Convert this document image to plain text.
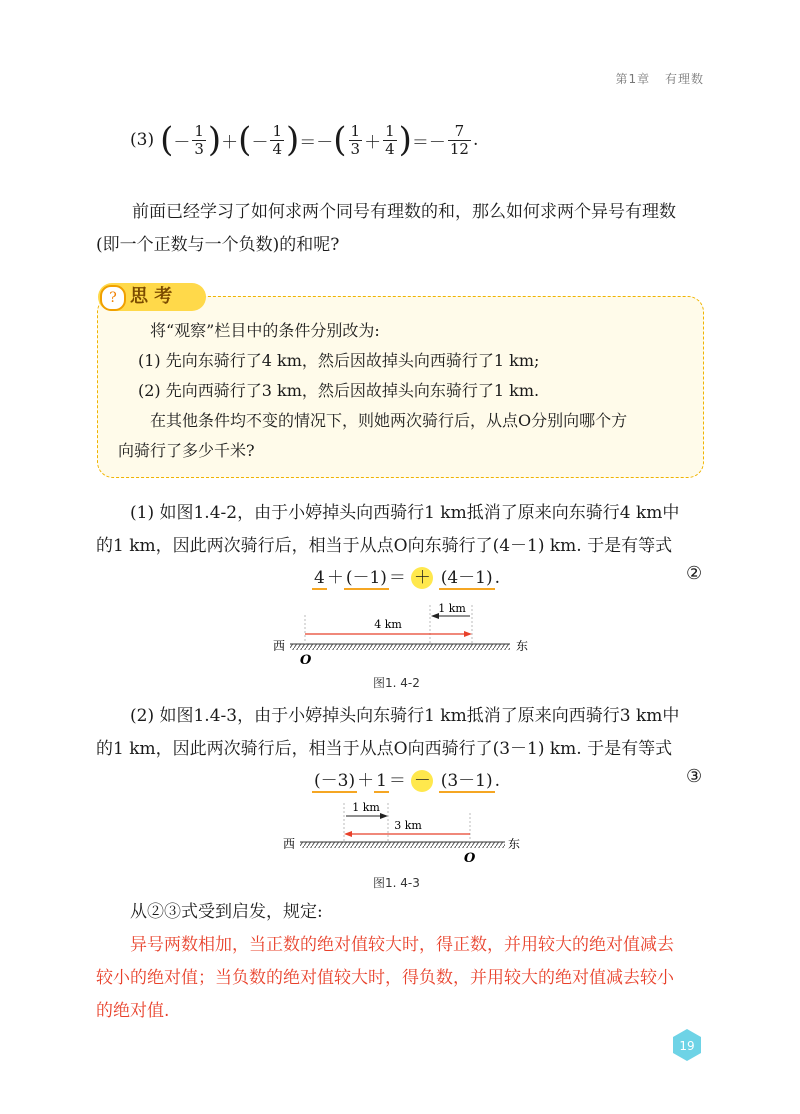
第1章 有理数
(3) ( － $\frac{1}{3}$ ) ＋ ( － $\frac{1}{4}$ ) ＝－ ( $\frac{1}{3} + \frac{1}{4}$ ) ＝－ $\frac{7}{12}$ .
前面已经学习了如何求两个同号有理数的和，那么如何求两个异号有理数
(即一个正数与一个负数)的和呢?
思 考
?
将“观察”栏目中的条件分别改为:
(1) 先向东骑行了4 km，然后因故掉头向西骑行了1 km;
(2) 先向西骑行了3 km，然后因故掉头向东骑行了1 km.
在其他条件均不变的情况下，则她两次骑行后，从点O分别向哪个方
向骑行了多少千米?
(1) 如图1.4-2，由于小婷掉头向西骑行1 km抵消了原来向东骑行4 km中
的1 km，因此两次骑行后，相当于从点O向东骑行了(4－1) km. 于是有等式
4 ＋ (－1) ＝ ＋ (4－1) .	②
4 km
1 km
西	东
O
图1. 4-2
(2) 如图1.4-3，由于小婷掉头向东骑行1 km抵消了原来向西骑行3 km中
的1 km，因此两次骑行后，相当于从点O向西骑行了(3－1) km. 于是有等式
(－3) ＋ 1 ＝ － (3－1) .	③
3 km
1 km
西	东
O
图1. 4-3
从②③式受到启发，规定:
异号两数相加，当正数的绝对值较大时，得正数，并用较大的绝对值减去
较小的绝对值；当负数的绝对值较大时，得负数，并用较大的绝对值减去较小
的绝对值.
19
